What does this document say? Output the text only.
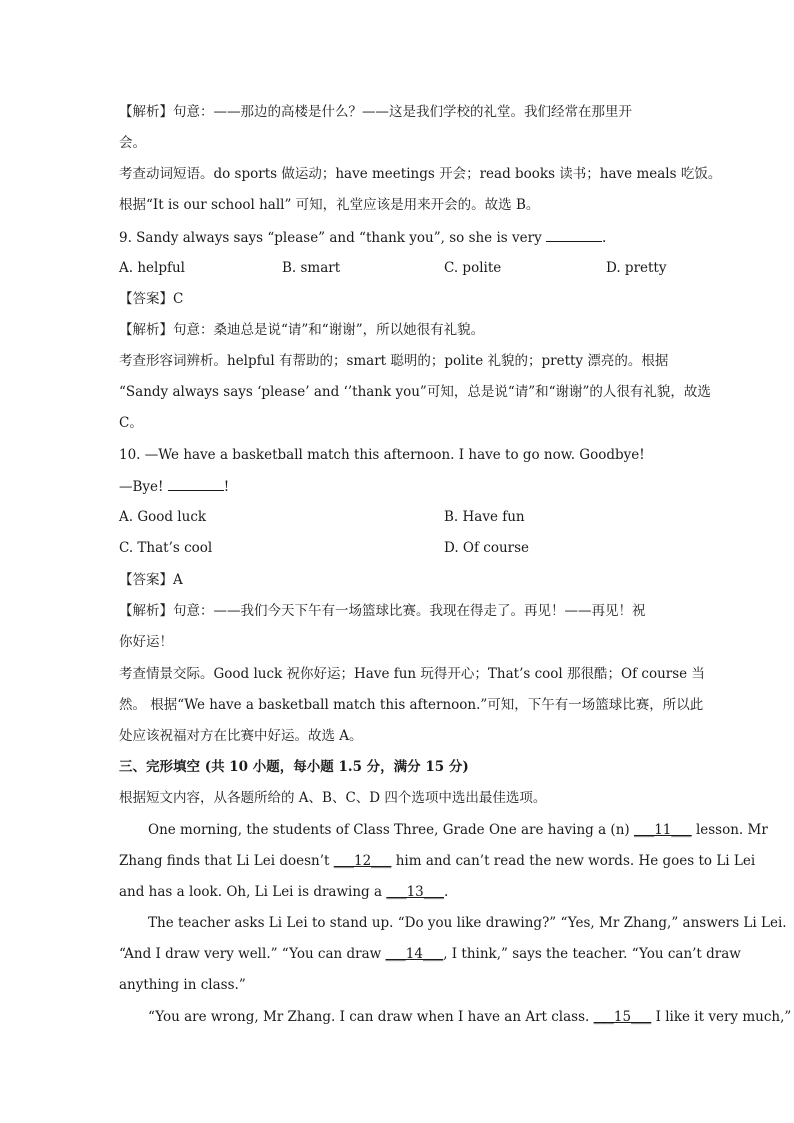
【解析】句意：——那边的高楼是什么？——这是我们学校的礼堂。我们经常在那里开
会。
考查动词短语。do sports 做运动；have meetings 开会；read books 读书；have meals 吃饭。
根据“It is our school hall” 可知，礼堂应该是用来开会的。故选 B。
9. Sandy always says “please” and “thank you”, so she is very	.
A. helpful	B. smart	C. polite	D. pretty
【答案】C
【解析】句意：桑迪总是说“请”和“谢谢”，所以她很有礼貌。
考查形容词辨析。helpful 有帮助的；smart 聪明的；polite 礼貌的；pretty 漂亮的。根据
“Sandy always says ‘please’ and ‘’thank you”可知，总是说“请”和“谢谢”的人很有礼貌，故选
C。
10. —We have a basketball match this afternoon. I have to go now. Goodbye!
—Bye!	!
A. Good luck	B. Have fun
C. That’s cool	D. Of course
【答案】A
【解析】句意：——我们今天下午有一场篮球比赛。我现在得走了。再见！——再见！祝
你好运！
考查情景交际。Good luck 祝你好运；Have fun 玩得开心；That’s cool 那很酷；Of course 当
然。 根据“We have a basketball match this afternoon.”可知，下午有一场篮球比赛，所以此
处应该祝福对方在比赛中好运。故选 A。
三、完形填空 (共 10 小题，每小题 1.5 分，满分 15 分)
根据短文内容，从各题所给的 A、B、C、D 四个选项中选出最佳选项。
One morning, the students of Class Three, Grade One are having a (n) ___11___ lesson. Mr
Zhang finds that Li Lei doesn’t ___12___ him and can’t read the new words. He goes to Li Lei
and has a look. Oh, Li Lei is drawing a ___13___.
The teacher asks Li Lei to stand up. “Do you like drawing?” “Yes, Mr Zhang,” answers Li Lei.
“And I draw very well.” “You can draw ___14___, I think,” says the teacher. “You can’t draw
anything in class.”
“You are wrong, Mr Zhang. I can draw when I have an Art class. ___15___ I like it very much,”
